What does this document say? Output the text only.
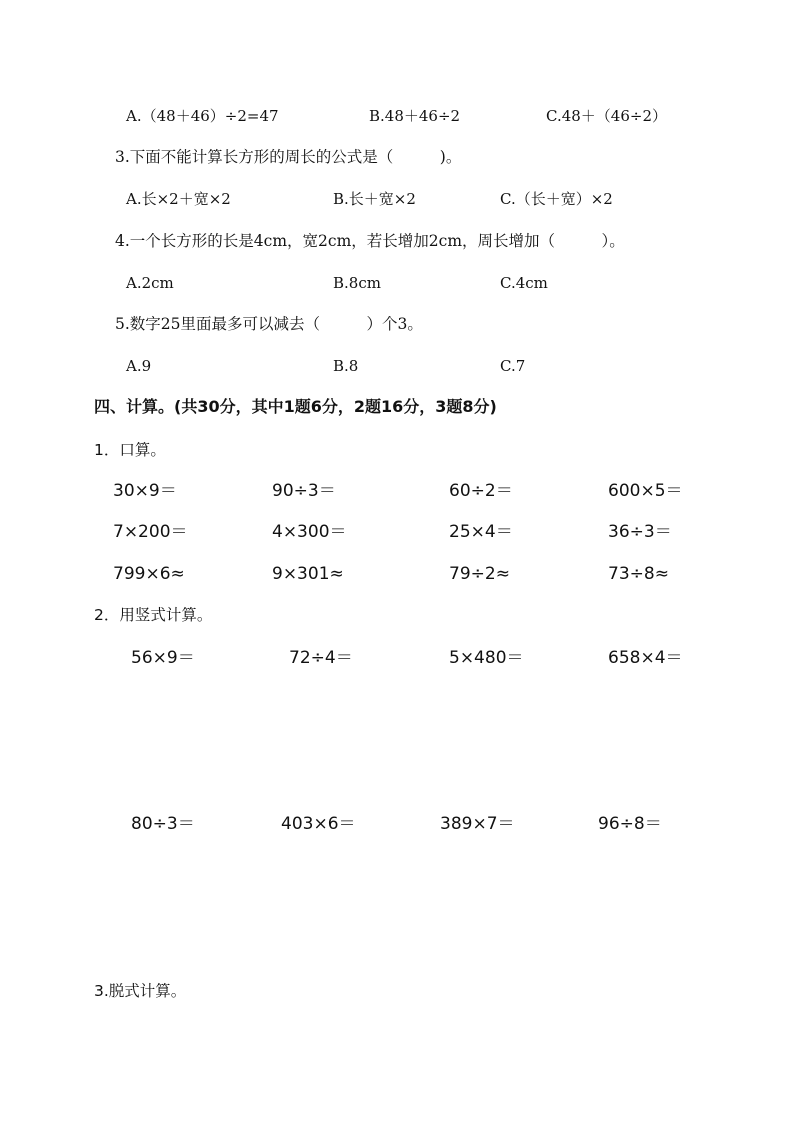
A.（48＋46）÷2=47	B.48＋46÷2	C.48＋（46÷2）
3.下面不能计算长方形的周长的公式是（　　　)。
A.长×2＋宽×2	B.长＋宽×2	C.（长＋宽）×2
4.一个长方形的长是4cm，宽2cm，若长增加2cm，周长增加（　　　）。
A.2cm	B.8cm	C.4cm
5.数字25里面最多可以减去（　　　）个3。
A.9	B.8	C.7
四、计算。(共30分，其中1题6分，2题16分，3题8分)
1．口算。
30×9＝	90÷3＝	60÷2＝	600×5＝
7×200＝	4×300＝	25×4＝	36÷3＝
799×6≈	9×301≈	79÷2≈	73÷8≈
2．用竖式计算。
56×9＝	72÷4＝	5×480＝	658×4＝
80÷3＝	403×6＝	389×7＝	96÷8＝
3.脱式计算。
